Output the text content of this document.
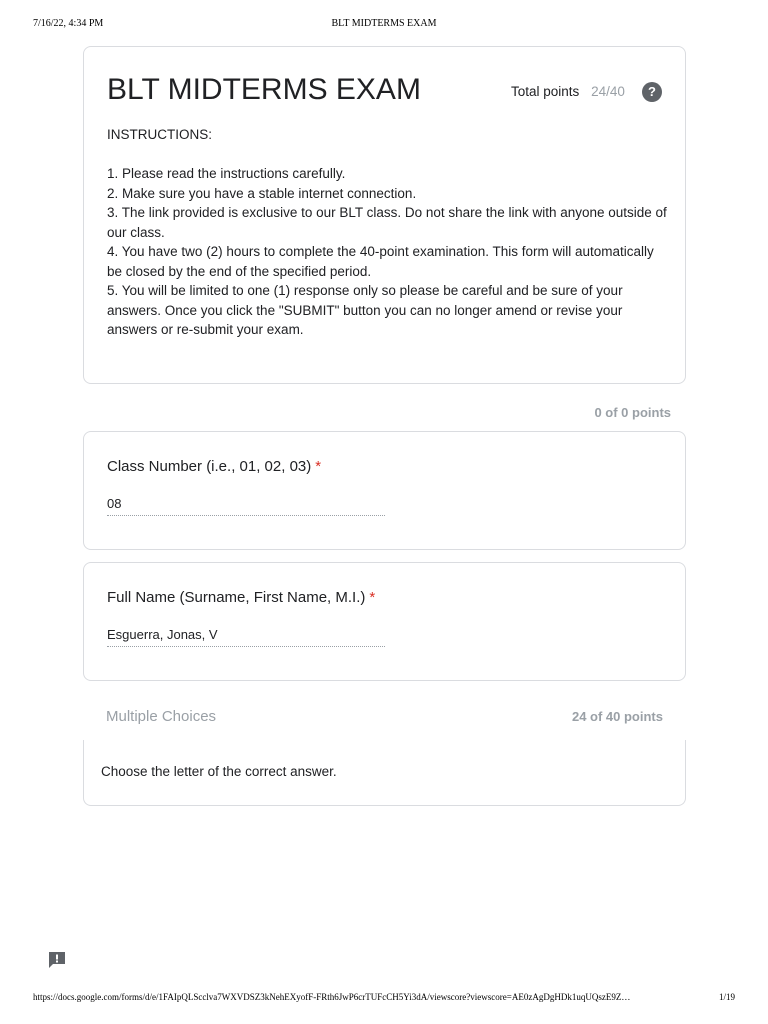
7/16/22, 4:34 PM	BLT MIDTERMS EXAM
BLT MIDTERMS EXAM	Total points 24/40	?
INSTRUCTIONS:
1. Please read the instructions carefully.
2. Make sure you have a stable internet connection.
3. The link provided is exclusive to our BLT class. Do not share the link with anyone outside of our class.
4. You have two (2) hours to complete the 40-point examination. This form will automatically be closed by the end of the specified period.
5. You will be limited to one (1) response only so please be careful and be sure of your answers. Once you click the "SUBMIT" button you can no longer amend or revise your answers or re-submit your exam.
0 of 0 points
Class Number (i.e., 01, 02, 03) *
08
Full Name (Surname, First Name, M.I.) *
Esguerra, Jonas, V
Multiple Choices	24 of 40 points
Choose the letter of the correct answer.
https://docs.google.com/forms/d/e/1FAIpQLScclva7WXVDSZ3kNehEXyofF-FRth6JwP6crTUFcCH5Yi3dA/viewscore?viewscore=AE0zAgDgHDk1uqUQszE9Z…	1/19
